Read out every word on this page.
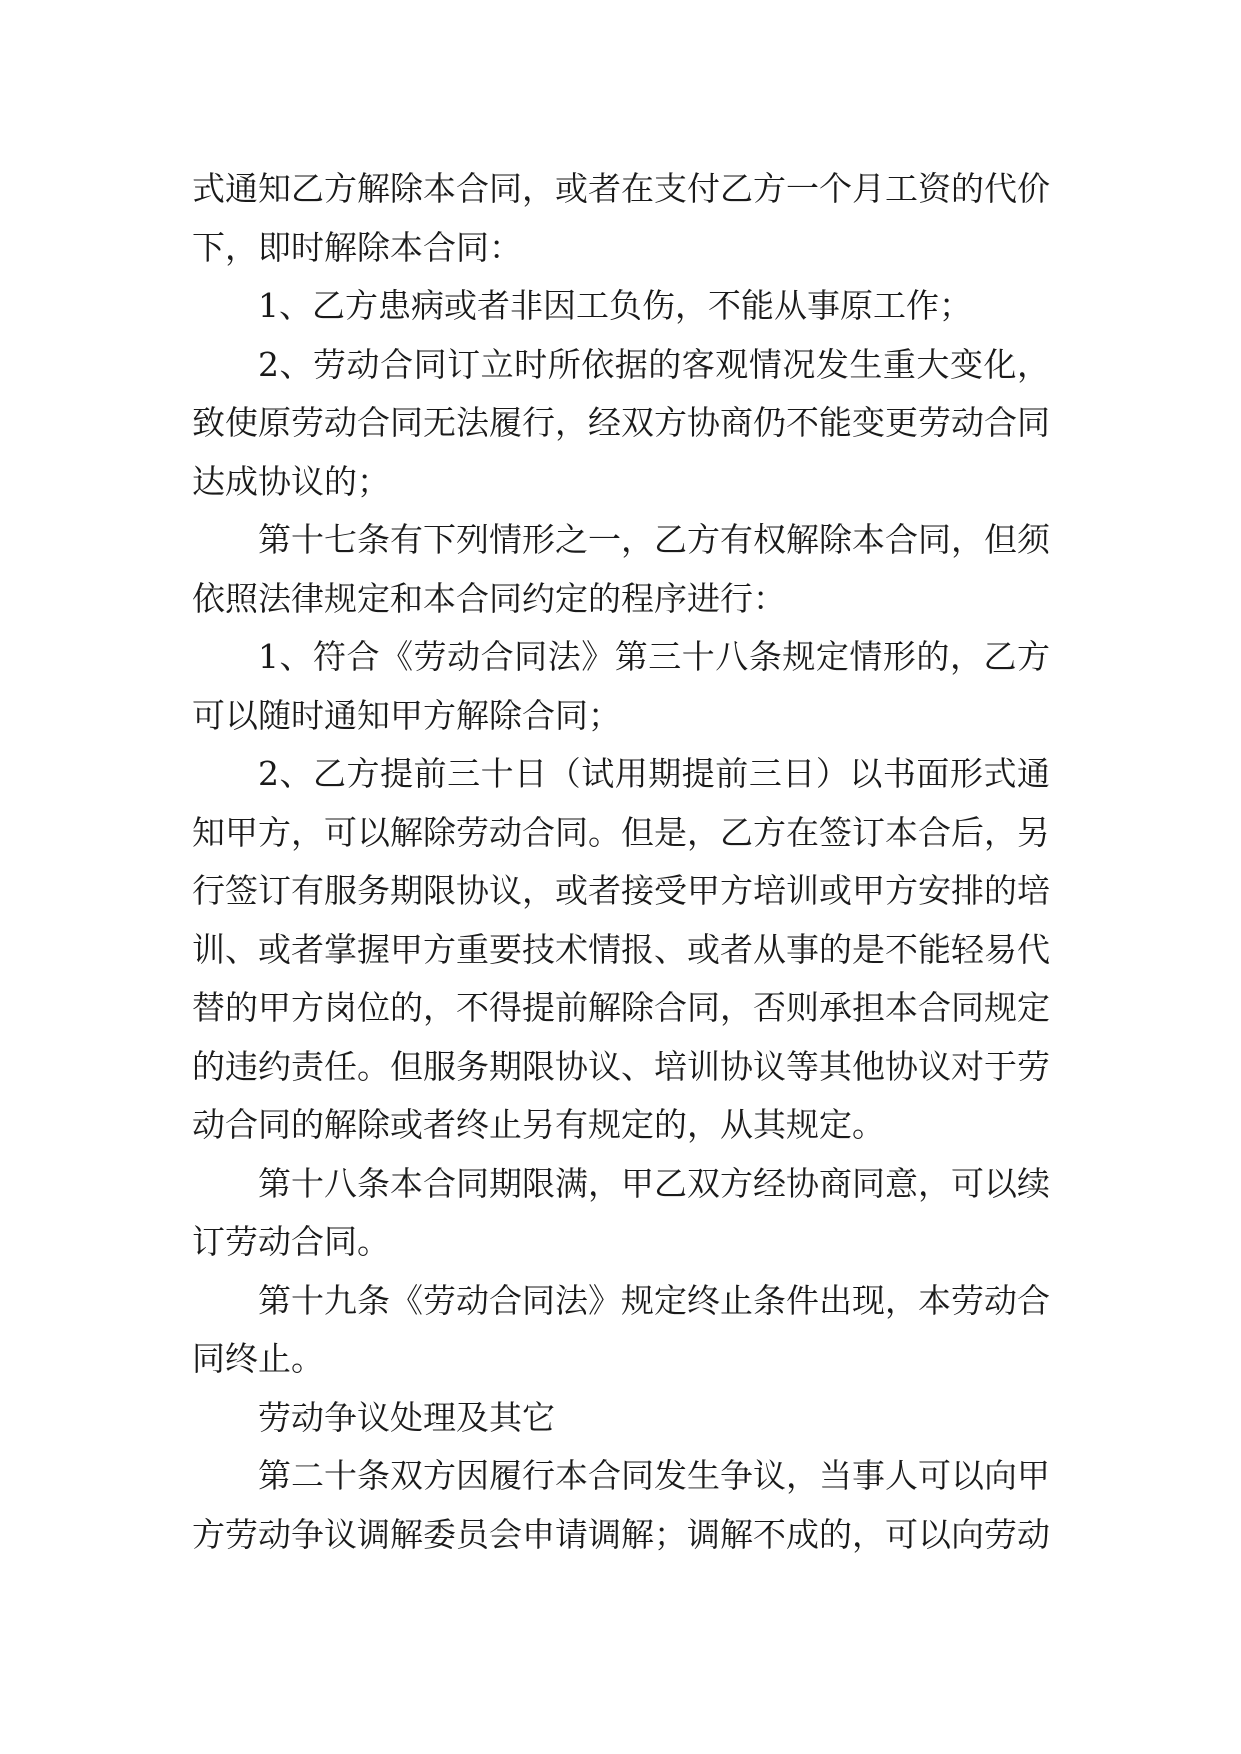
式通知乙方解除本合同，或者在支付乙方一个月工资的代价
下，即时解除本合同：
1、乙方患病或者非因工负伤，不能从事原工作；
2、劳动合同订立时所依据的客观情况发生重大变化，
致使原劳动合同无法履行，经双方协商仍不能变更劳动合同
达成协议的；
第十七条有下列情形之一，乙方有权解除本合同，但须
依照法律规定和本合同约定的程序进行：
1、符合《劳动合同法》第三十八条规定情形的，乙方
可以随时通知甲方解除合同；
2、乙方提前三十日（试用期提前三日）以书面形式通
知甲方，可以解除劳动合同。但是，乙方在签订本合后，另
行签订有服务期限协议，或者接受甲方培训或甲方安排的培
训、或者掌握甲方重要技术情报、或者从事的是不能轻易代
替的甲方岗位的，不得提前解除合同，否则承担本合同规定
的违约责任。但服务期限协议、培训协议等其他协议对于劳
动合同的解除或者终止另有规定的，从其规定。
第十八条本合同期限满，甲乙双方经协商同意，可以续
订劳动合同。
第十九条《劳动合同法》规定终止条件出现，本劳动合
同终止。
劳动争议处理及其它
第二十条双方因履行本合同发生争议，当事人可以向甲
方劳动争议调解委员会申请调解；调解不成的，可以向劳动
